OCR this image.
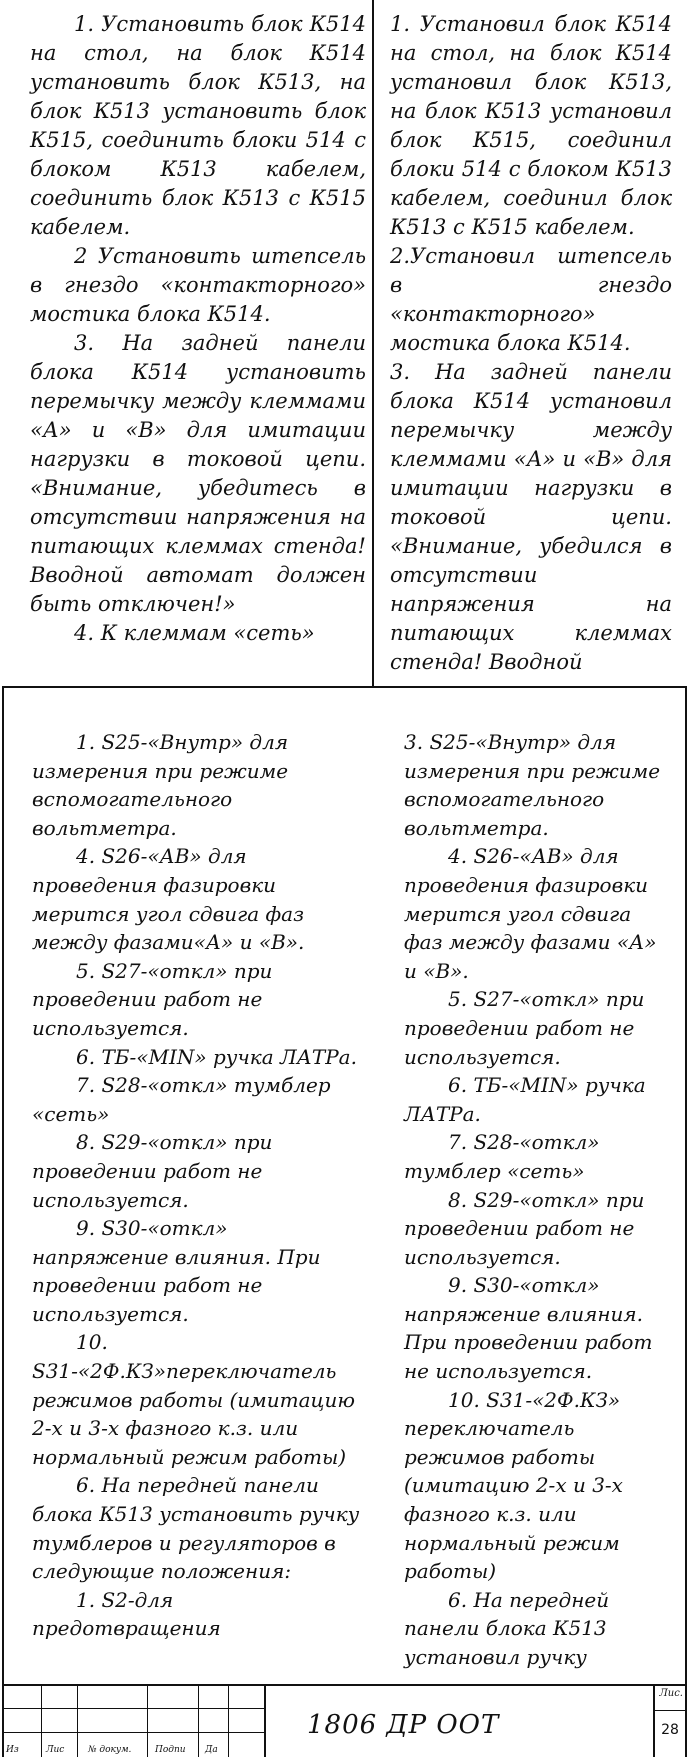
1. Установить блок К514 на стол, на блок К514 установить блок К513, на блок К513 установить блок К515, соединить блоки 514 с блоком К513 кабелем, соединить блок К513 с К515 кабелем.

2 Установить штепсель в гнездо «контакторного» мостика блока К514.

3. На задней панели блока К514 установить перемычку между клеммами «А» и «В» для имитации нагрузки в токовой цепи. «Внимание, убедитесь в отсутствии напряжения на питающих клеммах стенда! Вводной автомат должен быть отключен!»

4. К клеммам «сеть»

1. Установил блок К514 на стол, на блок К514 установил блок К513, на блок К513 установил блок К515, соединил блоки 514 с блоком К513 кабелем, соединил блок К513 с К515 кабелем.

2.Установил штепсель в гнездо «контакторного» мостика блока К514.

3. На задней панели блока К514 установил перемычку между клеммами «А» и «В» для имитации нагрузки в токовой цепи. «Внимание, убедился в отсутствии напряжения на питающих клеммах стенда! Вводной

1. S25-«Внутр» для измерения при режиме вспомогательного вольтметра.

4. S26-«АВ» для проведения фазировки мерится угол сдвига фаз между фазами«А» и «В».

5. S27-«откл» при проведении работ не используется.

6. ТБ-«MIN» ручка ЛАТРа.

7. S28-«откл» тумблер «сеть»

8. S29-«откл» при проведении работ не используется.

9. S30-«откл» напряжение влияния. При проведении работ не используется.

10. S31-«2Ф.КЗ»переключатель режимов работы (имитацию 2-х и 3-х фазного к.з. или нормальный режим работы)

6. На передней панели блока К513 установить ручку тумблеров и регуляторов в следующие положения:

1. S2-для предотвращения

3. S25-«Внутр» для измерения при режиме вспомогательного вольтметра.

4. S26-«АВ» для проведения фазировки мерится угол сдвига фаз между фазами «А» и «В».

5. S27-«откл» при проведении работ не используется.

6. ТБ-«MIN» ручка ЛАТРа.

7. S28-«откл» тумблер «сеть»

8. S29-«откл» при проведении работ не используется.

9. S30-«откл» напряжение влияния. При проведении работ не используется.

10. S31-«2Ф.КЗ» переключатель режимов работы (имитацию 2-х и 3-х фазного к.з. или нормальный режим работы)

6. На передней панели блока К513 установил ручку

Из	Лис	№ докум.	Подпи Да
1806 ДР ООТ
Лис.
28
